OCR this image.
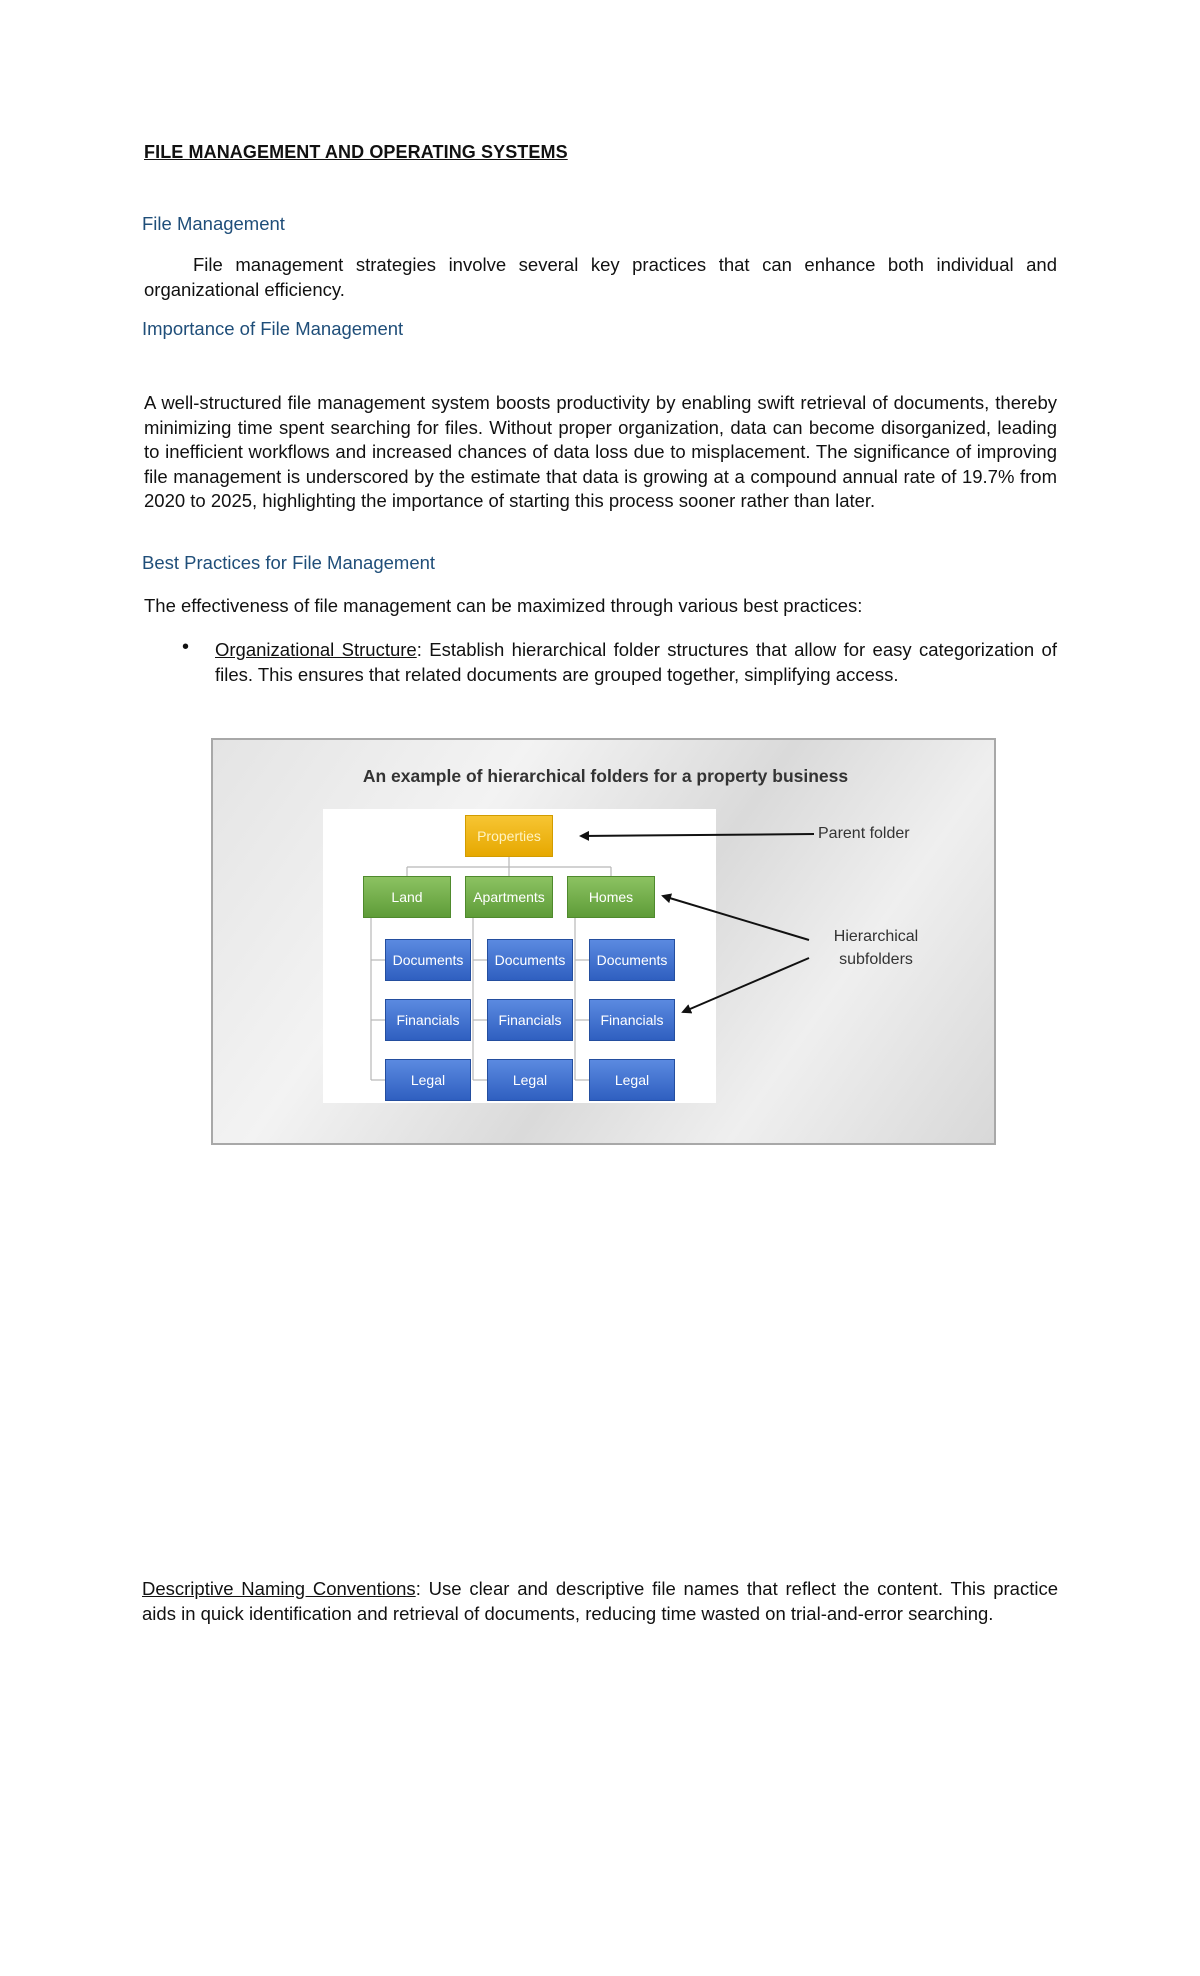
FILE MANAGEMENT AND OPERATING SYSTEMS
File Management
File management strategies involve several key practices that can enhance both individual and organizational efficiency.
Importance of File Management
A well-structured file management system boosts productivity by enabling swift retrieval of documents, thereby minimizing time spent searching for files. Without proper organization, data can become disorganized, leading to inefficient workflows and increased chances of data loss due to misplacement. The significance of improving file management is underscored by the estimate that data is growing at a compound annual rate of 19.7% from 2020 to 2025, highlighting the importance of starting this process sooner rather than later.
Best Practices for File Management
The effectiveness of file management can be maximized through various best practices:
• Organizational Structure: Establish hierarchical folder structures that allow for easy categorization of files. This ensures that related documents are grouped together, simplifying access.
An example of hierarchical folders for a property business
Properties
Land	Apartments	Homes
Documents
Financials
Legal
Documents
Financials
Legal
Documents
Financials
Legal
Parent folder
Hierarchical
subfolders
Descriptive Naming Conventions: Use clear and descriptive file names that reflect the content. This practice aids in quick identification and retrieval of documents, reducing time wasted on trial-and-error searching.
